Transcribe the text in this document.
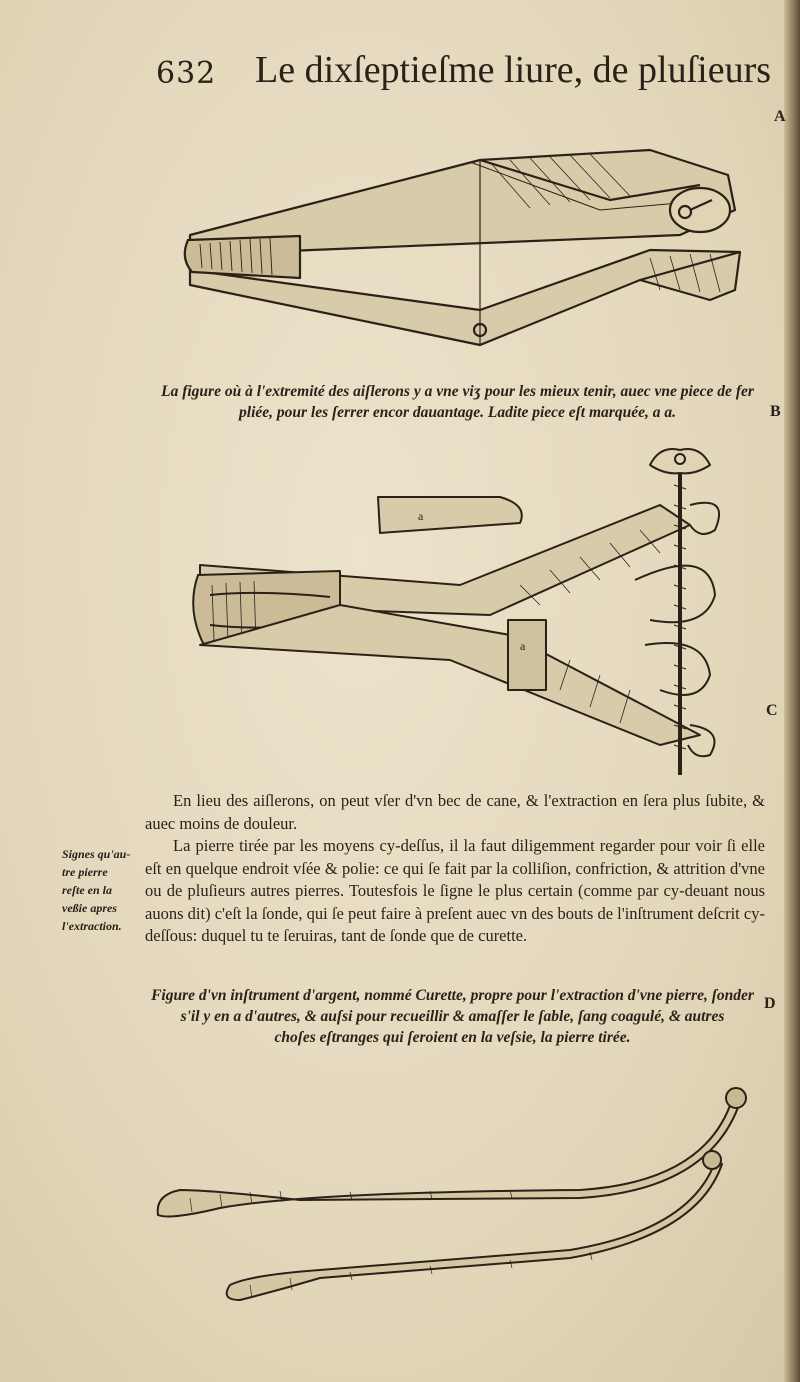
632 Le dixſeptieſme liure, de pluſieurs
A
B
C
D
La figure où à l'extremité des aiſlerons y a vne viʒ pour les mieux tenir, auec vne piece de fer
pliée, pour les ſerrer encor dauantage. Ladite piece eſt marquée, a a.
a
a

En lieu des aiſlerons, on peut vſer d'vn bec de cane, & l'extraction en ſera plus ſubite, & auec moins de douleur.

La pierre tirée par les moyens cy-deſſus, il la faut diligemment regarder pour voir ſi elle eſt en quelque endroit vſée & polie: ce qui ſe fait par la colliſion, confriction, & attrition d'vne ou de pluſieurs autres pierres. Toutesfois le ſigne le plus certain (comme par cy-deuant nous auons dit) c'eſt la ſonde, qui ſe peut faire à preſent auec vn des bouts de l'inſtrument deſcrit cy-deſſous: duquel tu te ſeruiras, tant de ſonde que de curette.

Signes qu'au-
tre pierre
reſte en la
veßie apres
l'extraction.
Figure d'vn inſtrument d'argent, nommé Curette, propre pour l'extraction d'vne pierre, ſonder
s'il y en a d'autres, & auſsi pour recueillir & amaſſer le ſable, ſang coagulé, & autres
choſes eſtranges qui ſeroient en la veſsie, la pierre tirée.
